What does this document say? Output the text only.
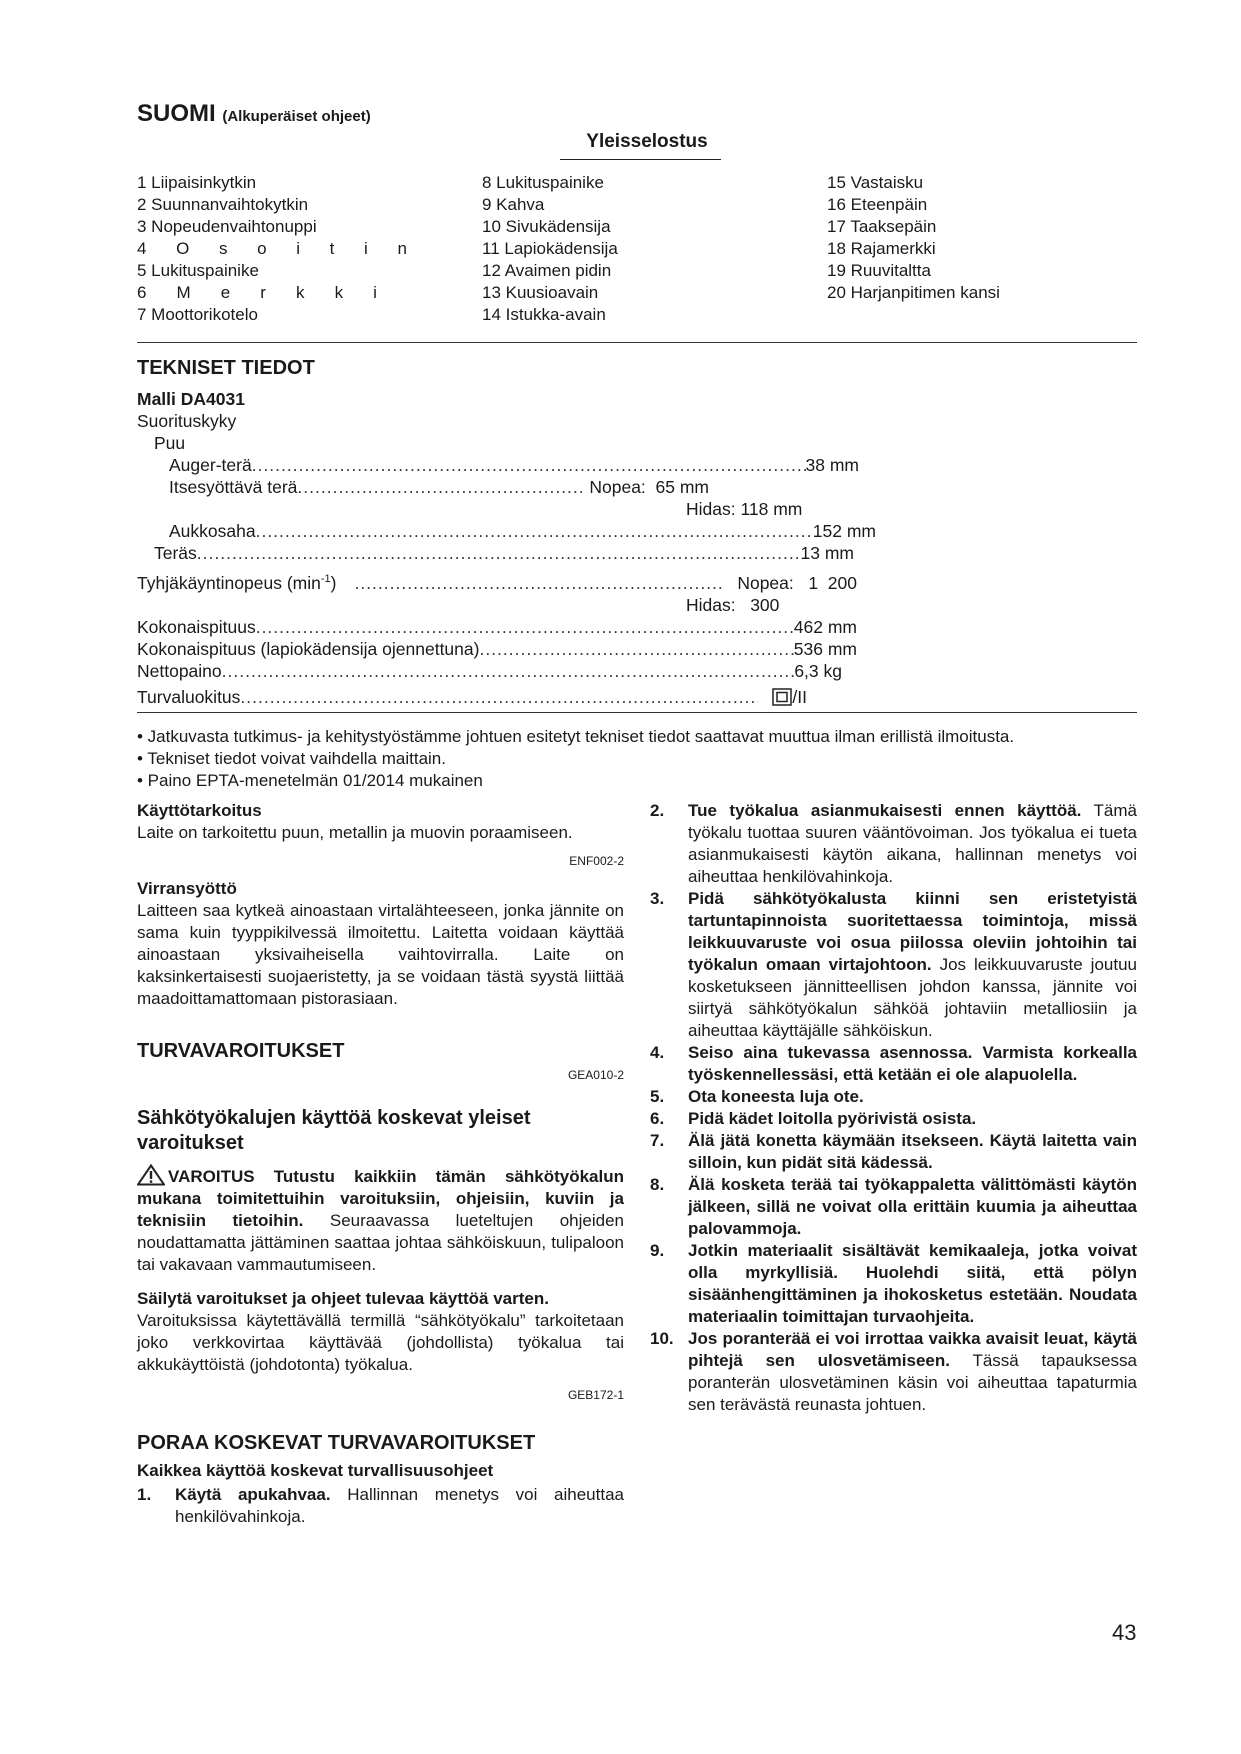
SUOMI (Alkuperäiset ohjeet)
Yleisselostus
1 Liipaisinkytkin
2 Suunnanvaihtokytkin
3 Nopeudenvaihtonuppi
4 O s o i t i n
5 Lukituspainike
6 M e r k k i
7 Moottorikotelo
8 Lukituspainike
9 Kahva
10 Sivukädensija
11 Lapiokädensija
12 Avaimen pidin
13 Kuusioavain
14 Istukka-avain
15 Vastaisku
16 Eteenpäin
17 Taaksepäin
18 Rajamerkki
19 Ruuvitaltta
20 Harjanpitimen kansi
TEKNISET TIEDOT
Malli DA4031
Suorituskyky
Puu
Auger-terä .....	38 mm
Itsesyöttävä terä .....	Nopea:  65 mm
Hidas: 118 mm
Aukkosaha .....	152 mm
Teräs .....	13 mm
Tyhjäkäyntinopeus $(\min^{-1})$ .....	Nopea:   1  200
Hidas:   300
Kokonaispituus .....	462 mm
Kokonaispituus (lapiokädensija ojennettuna) .....	536 mm
Nettopaino .....	6,3 kg
Turvaluokitus .....	/II
• Jatkuvasta tutkimus- ja kehitystyöstämme johtuen esitetyt tekniset tiedot saattavat muuttua ilman erillistä ilmoitusta.
• Tekniset tiedot voivat vaihdella maittain.
• Paino EPTA-menetelmän 01/2014 mukainen
Käyttötarkoitus
Laite on tarkoitettu puun, metallin ja muovin poraamiseen.
ENF002-2
Virransyöttö
Laitteen saa kytkeä ainoastaan virtalähteeseen, jonka jännite on sama kuin tyyppikilvessä ilmoitettu. Laitetta voidaan käyttää ainoastaan yksivaiheisella vaihtovirralla. Laite on kaksinkertaisesti suojaeristetty, ja se voidaan tästä syystä liittää maadoittamattomaan pistorasiaan.
TURVAVAROITUKSET
GEA010-2
Sähkötyökalujen käyttöä koskevat yleiset varoitukset
VAROITUS Tutustu kaikkiin tämän sähkötyökalun mukana toimitettuihin varoituksiin, ohjeisiin, kuviin ja teknisiin tietoihin. Seuraavassa lueteltujen ohjeiden noudattamatta jättäminen saattaa johtaa sähköiskuun, tulipaloon tai vakavaan vammautumiseen.
Säilytä varoitukset ja ohjeet tulevaa käyttöä varten.
Varoituksissa käytettävällä termillä “sähkötyökalu” tarkoitetaan joko verkkovirtaa käyttävää (johdollista) työkalua tai akkukäyttöistä (johdotonta) työkalua.
GEB172-1
PORAA KOSKEVAT TURVAVAROITUKSET
Kaikkea käyttöä koskevat turvallisuusohjeet
1.	Käytä apukahvaa. Hallinnan menetys voi aiheuttaa henkilövahinkoja.
2.	Tue työkalua asianmukaisesti ennen käyttöä. Tämä työkalu tuottaa suuren vääntövoiman. Jos työkalua ei tueta asianmukaisesti käytön aikana, hallinnan menetys voi aiheuttaa henkilövahinkoja.
3.	Pidä sähkötyökalusta kiinni sen eristetyistä tartuntapinnoista suoritettaessa toimintoja, missä leikkuuvaruste voi osua piilossa oleviin johtoihin tai työkalun omaan virtajohtoon. Jos leikkuuvaruste joutuu kosketukseen jännitteellisen johdon kanssa, jännite voi siirtyä sähkötyökalun sähköä johtaviin metalliosiin ja aiheuttaa käyttäjälle sähköiskun.
4.	Seiso aina tukevassa asennossa. Varmista korkealla työskennellessäsi, että ketään ei ole alapuolella.
5.	Ota koneesta luja ote.
6.	Pidä kädet loitolla pyörivistä osista.
7.	Älä jätä konetta käymään itsekseen. Käytä laitetta vain silloin, kun pidät sitä kädessä.
8.	Älä kosketa terää tai työkappaletta välittömästi käytön jälkeen, sillä ne voivat olla erittäin kuumia ja aiheuttaa palovammoja.
9.	Jotkin materiaalit sisältävät kemikaaleja, jotka voivat olla myrkyllisiä. Huolehdi siitä, että pölyn sisäänhengittäminen ja ihokosketus estetään. Noudata materiaalin toimittajan turvaohjeita.
10. Jos poranterää ei voi irrottaa vaikka avaisit leuat, käytä pihtejä sen ulosvetämiseen. Tässä tapauksessa poranterän ulosvetäminen käsin voi aiheuttaa tapaturmia sen terävästä reunasta johtuen.
43
